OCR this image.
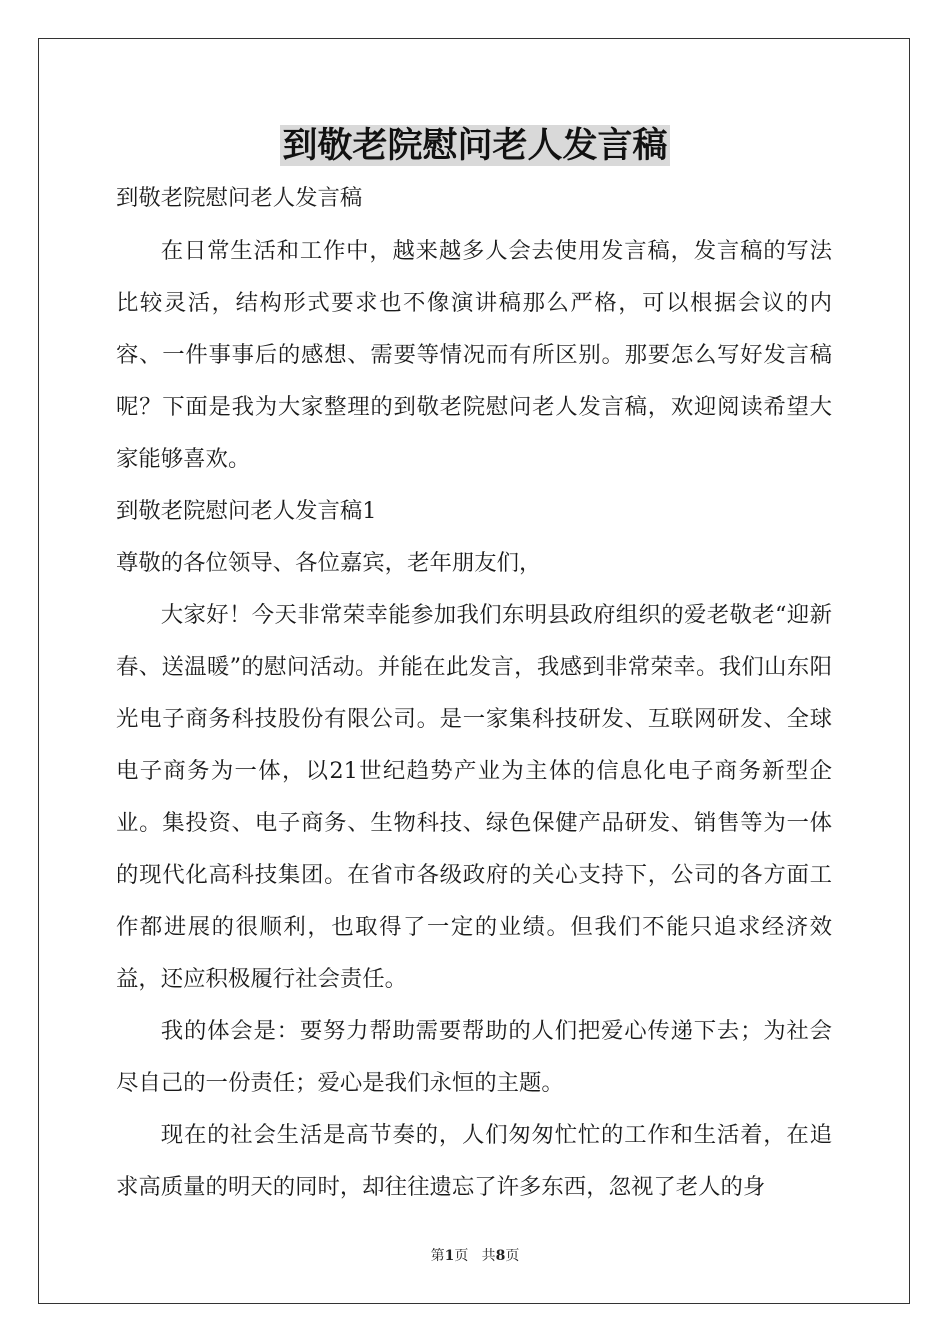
到敬老院慰问老人发言稿

到敬老院慰问老人发言稿

在日常生活和工作中，越来越多人会去使用发言稿，发言稿的写法比较灵活，结构形式要求也不像演讲稿那么严格，可以根据会议的内容、一件事事后的感想、需要等情况而有所区别。那要怎么写好发言稿呢？下面是我为大家整理的到敬老院慰问老人发言稿，欢迎阅读希望大家能够喜欢。

到敬老院慰问老人发言稿1

尊敬的各位领导、各位嘉宾，老年朋友们，

大家好！今天非常荣幸能参加我们东明县政府组织的爱老敬老“迎新春、送温暖”的慰问活动。并能在此发言，我感到非常荣幸。我们山东阳光电子商务科技股份有限公司。是一家集科技研发、互联网研发、全球电子商务为一体，以21世纪趋势产业为主体的信息化电子商务新型企业。集投资、电子商务、生物科技、绿色保健产品研发、销售等为一体的现代化高科技集团。在省市各级政府的关心支持下，公司的各方面工作都进展的很顺利，也取得了一定的业绩。但我们不能只追求经济效益，还应积极履行社会责任。

我的体会是：要努力帮助需要帮助的人们把爱心传递下去；为社会尽自己的一份责任；爱心是我们永恒的主题。

现在的社会生活是高节奏的，人们匆匆忙忙的工作和生活着，在追求高质量的明天的同时，却往往遗忘了许多东西，忽视了老人的身

第1页 共8页
